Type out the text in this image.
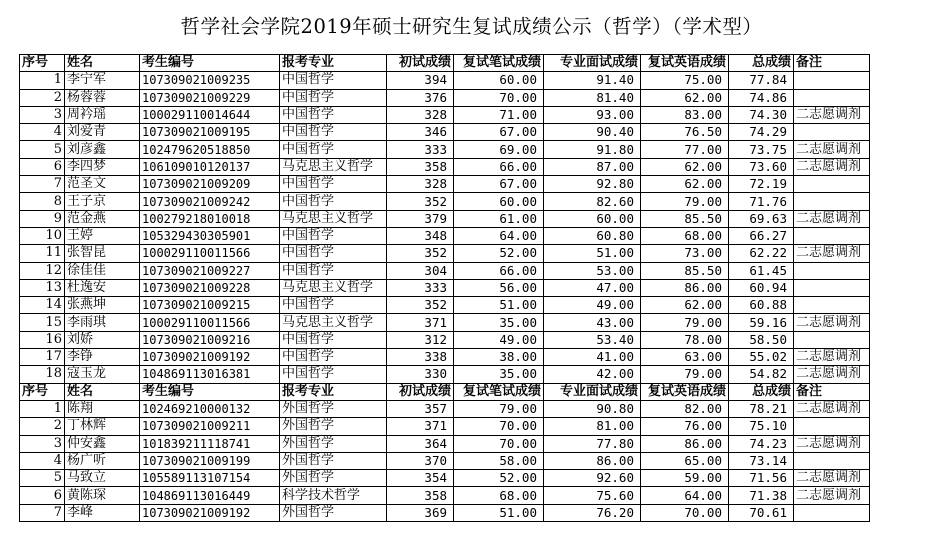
哲学社会学院2019年硕士研究生复试成绩公示（哲学）（学术型）
序号	姓名	考生编号	报考专业	初试成绩	复试笔试成绩	专业面试成绩	复试英语成绩	总成绩	备注
1	李宁军	107309021009235	中国哲学	394	60.00	91.40	75.00	77.84	
2	杨蓉蓉	107309021009229	中国哲学	376	70.00	81.40	62.00	74.86	
3	周衿瑶	100029110014644	中国哲学	328	71.00	93.00	83.00	74.30	二志愿调剂
4	刘爱青	107309021009195	中国哲学	346	67.00	90.40	76.50	74.29	
5	刘彦鑫	102479620518850	中国哲学	333	69.00	91.80	77.00	73.75	二志愿调剂
6	李四梦	106109010120137	马克思主义哲学	358	66.00	87.00	62.00	73.60	二志愿调剂
7	范圣文	107309021009209	中国哲学	328	67.00	92.80	62.00	72.19	
8	王子京	107309021009242	中国哲学	352	60.00	82.60	79.00	71.76	
9	范金燕	100279218010018	马克思主义哲学	379	61.00	60.00	85.50	69.63	二志愿调剂
10	王婷	105329430305901	中国哲学	348	64.00	60.80	68.00	66.27	
11	张智昆	100029110011566	中国哲学	352	52.00	51.00	73.00	62.22	二志愿调剂
12	徐佳佳	107309021009227	中国哲学	304	66.00	53.00	85.50	61.45	
13	杜逸安	107309021009228	马克思主义哲学	333	56.00	47.00	86.00	60.94	
14	张燕坤	107309021009215	中国哲学	352	51.00	49.00	62.00	60.88	
15	李雨琪	100029110011566	马克思主义哲学	371	35.00	43.00	79.00	59.16	二志愿调剂
16	刘娇	107309021009216	中国哲学	312	49.00	53.40	78.00	58.50	
17	李铮	107309021009192	中国哲学	338	38.00	41.00	63.00	55.02	二志愿调剂
18	寇玉龙	104869113016381	中国哲学	330	35.00	42.00	79.00	54.82	二志愿调剂
序号	姓名	考生编号	报考专业	初试成绩	复试笔试成绩	专业面试成绩	复试英语成绩	总成绩	备注
1	陈翔	102469210000132	外国哲学	357	79.00	90.80	82.00	78.21	二志愿调剂
2	丁林辉	107309021009211	外国哲学	371	70.00	81.00	76.00	75.10	
3	仲安鑫	101839211118741	外国哲学	364	70.00	77.80	86.00	74.23	二志愿调剂
4	杨广听	107309021009199	外国哲学	370	58.00	86.00	65.00	73.14	
5	马致立	105589113107154	外国哲学	354	52.00	92.60	59.00	71.56	二志愿调剂
6	黄陈琛	104869113016449	科学技术哲学	358	68.00	75.60	64.00	71.38	二志愿调剂
7	李峰	107309021009192	外国哲学	369	51.00	76.20	70.00	70.61	
